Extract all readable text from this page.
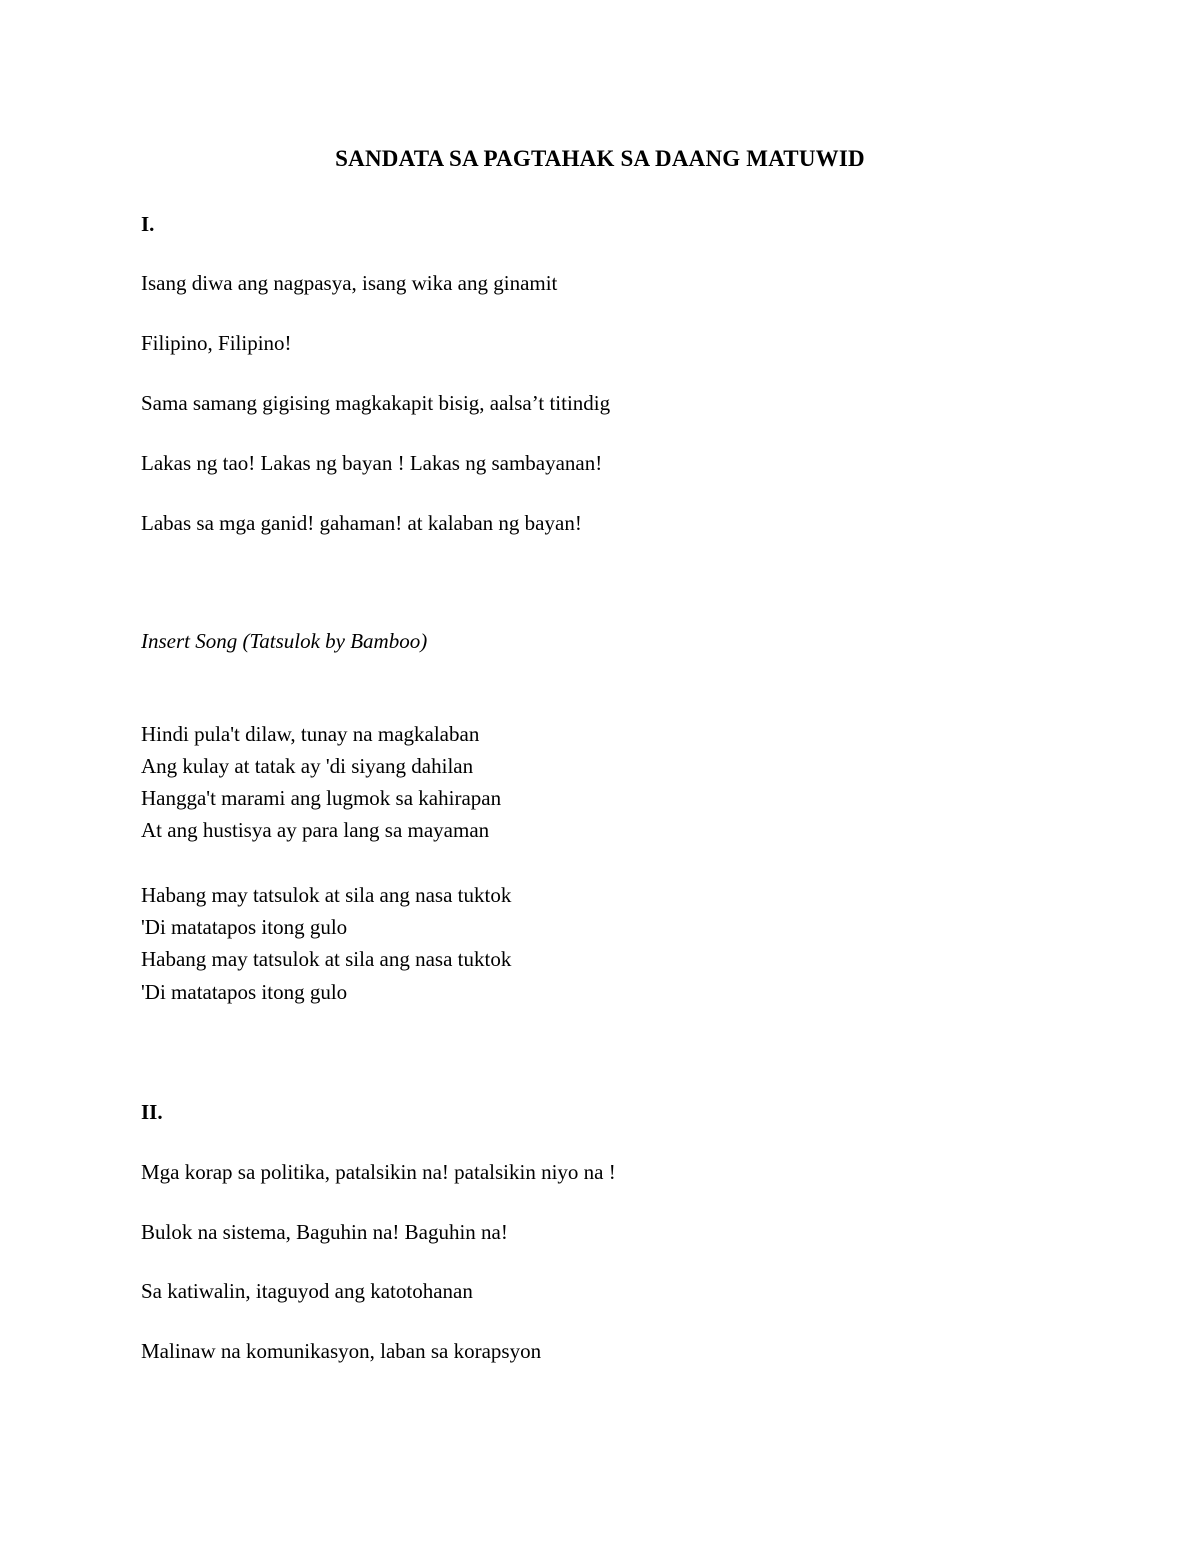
SANDATA SA PAGTAHAK SA DAANG MATUWID
I.
Isang diwa ang nagpasya, isang wika ang ginamit
Filipino, Filipino!
Sama samang gigising magkakapit bisig, aalsa’t titindig
Lakas ng tao! Lakas ng bayan ! Lakas ng sambayanan!
Labas sa mga ganid! gahaman! at kalaban ng bayan!
Insert Song (Tatsulok by Bamboo)
Hindi pula't dilaw, tunay na magkalaban
Ang kulay at tatak ay 'di siyang dahilan
Hangga't marami ang lugmok sa kahirapan
At ang hustisya ay para lang sa mayaman
Habang may tatsulok at sila ang nasa tuktok
'Di matatapos itong gulo
Habang may tatsulok at sila ang nasa tuktok
'Di matatapos itong gulo
II.
Mga korap sa politika, patalsikin na! patalsikin niyo na !
Bulok na sistema, Baguhin na! Baguhin na!
Sa katiwalin, itaguyod ang katotohanan
Malinaw na komunikasyon, laban sa korapsyon
